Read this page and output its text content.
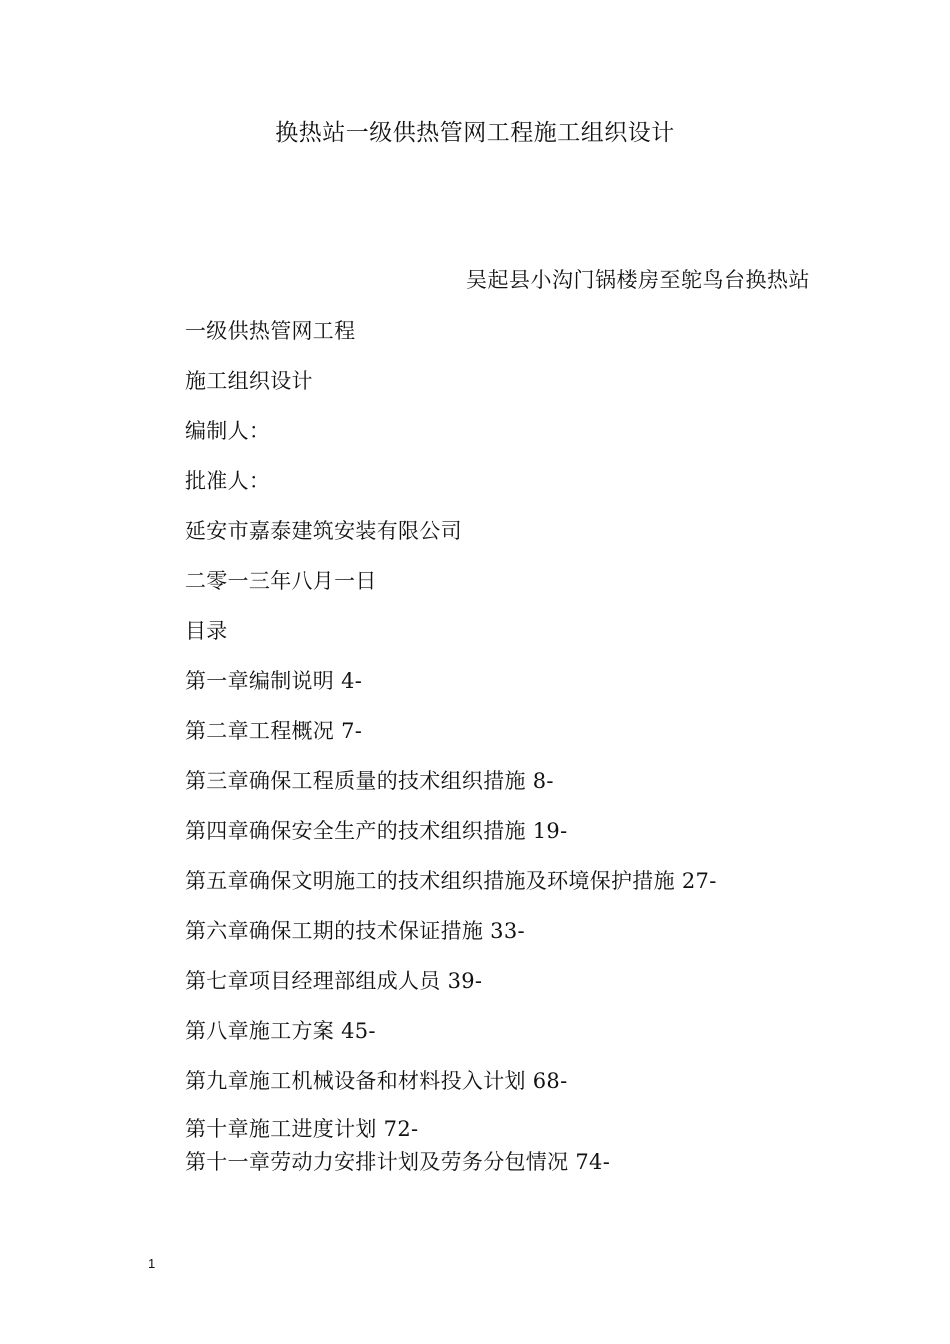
换热站一级供热管网工程施工组织设计
吴起县小沟门锅楼房至鸵鸟台换热站
一级供热管网工程
施工组织设计
编制人：
批准人：
延安市嘉泰建筑安装有限公司
二零一三年八月一日
目录
第一章编制说明 4-
第二章工程概况 7-
第三章确保工程质量的技术组织措施 8-
第四章确保安全生产的技术组织措施 19-
第五章确保文明施工的技术组织措施及环境保护措施 27-
第六章确保工期的技术保证措施 33-
第七章项目经理部组成人员 39-
第八章施工方案 45-
第九章施工机械设备和材料投入计划 68-
第十章施工进度计划 72-
第十一章劳动力安排计划及劳务分包情况 74-
1
